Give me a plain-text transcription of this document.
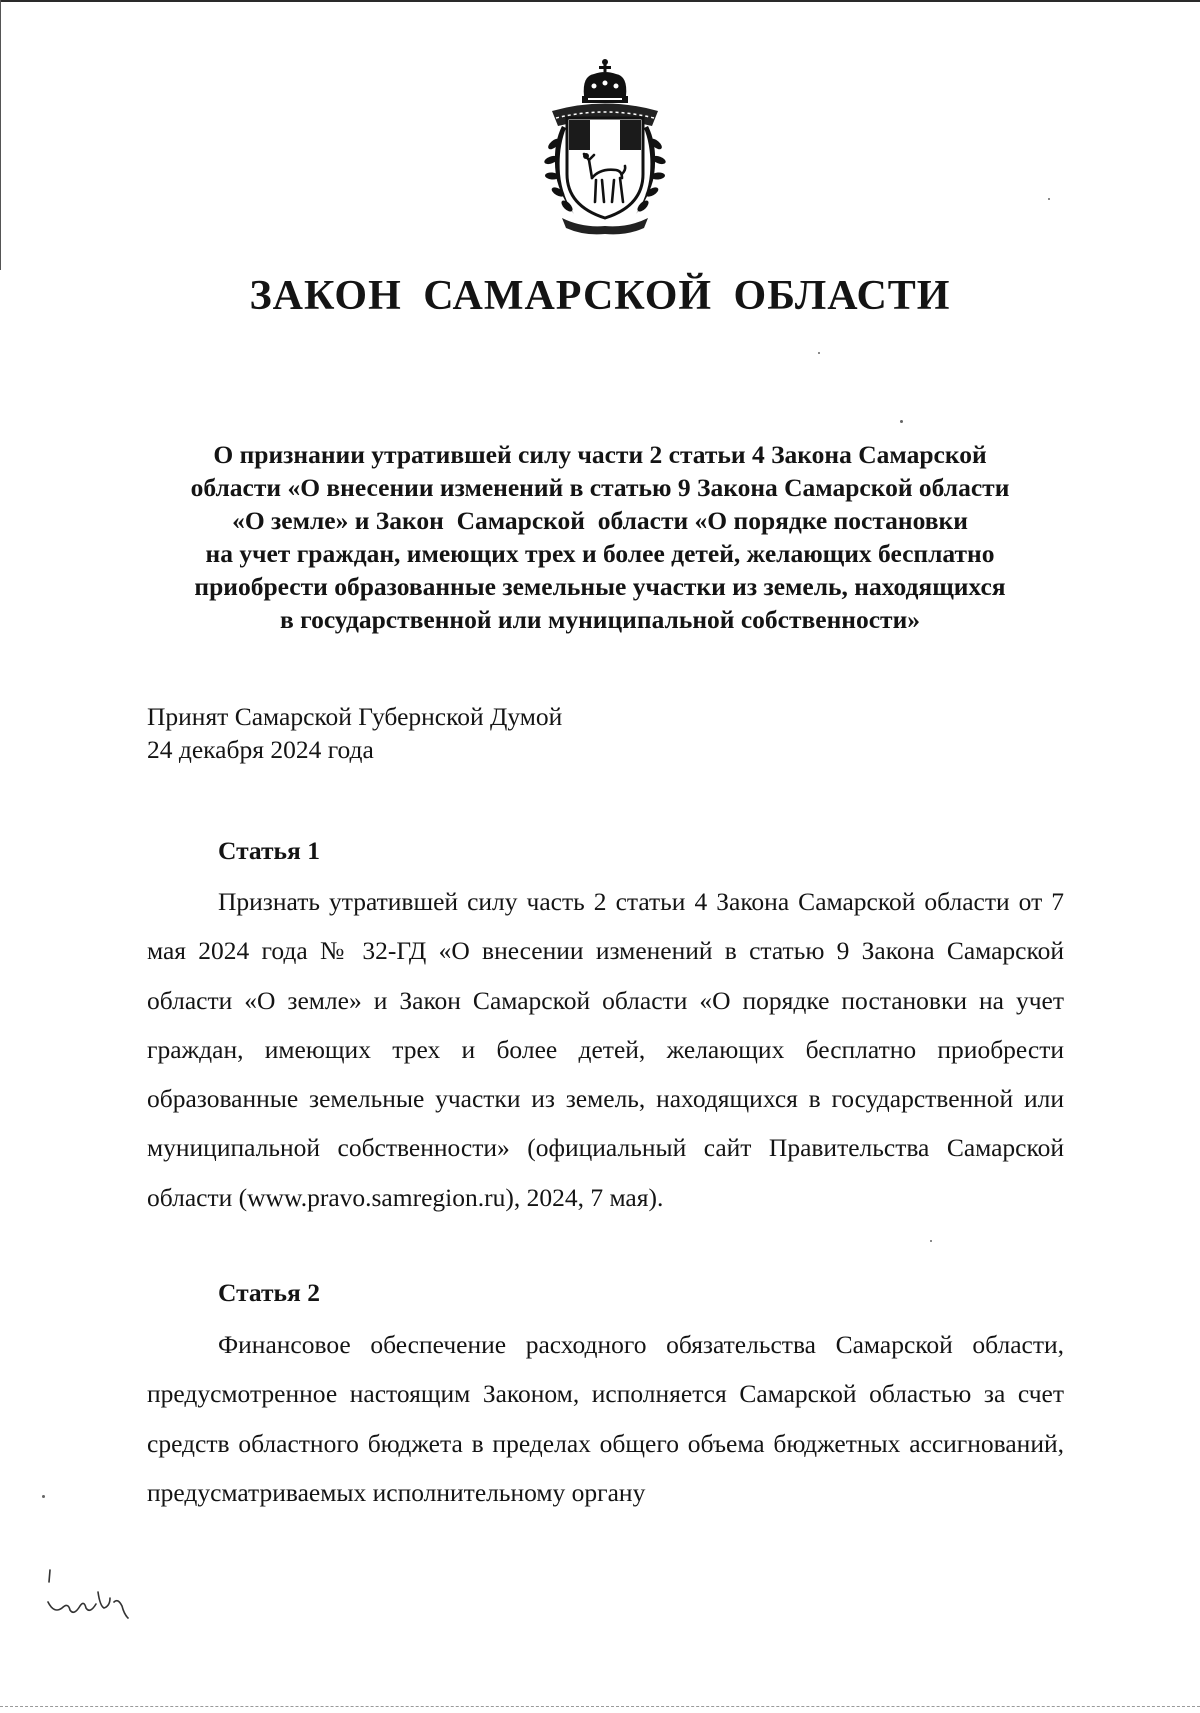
ЗАКОН САМАРСКОЙ ОБЛАСТИ
О признании утратившей силу части 2 статьи 4 Закона Самарской
области «О внесении изменений в статью 9 Закона Самарской области
«О земле» и Закон  Самарской  области «О порядке постановки
на учет граждан, имеющих трех и более детей, желающих бесплатно
приобрести образованные земельные участки из земель, находящихся
в государственной или муниципальной собственности»
Принят Самарской Губернской Думой
24 декабря 2024 года
Статья 1

Признать утратившей силу часть 2 статьи 4 Закона Самарской области от 7 мая 2024 года № 32-ГД «О внесении изменений в статью 9 Закона Самарской области «О земле» и Закон Самарской области «О порядке постановки на учет граждан, имеющих трех и более детей, желающих бесплатно приобрести образованные земельные участки из земель, находящихся в государственной или муниципальной собственности» (официальный сайт Правительства Самарской области (www.pravo.samregion.ru), 2024, 7 мая).

Статья 2

Финансовое обеспечение расходного обязательства Самарской области, предусмотренное настоящим Законом, исполняется Самарской областью за счет средств областного бюджета в пределах общего объема бюджетных ассигнований, предусматриваемых исполнительному органу
